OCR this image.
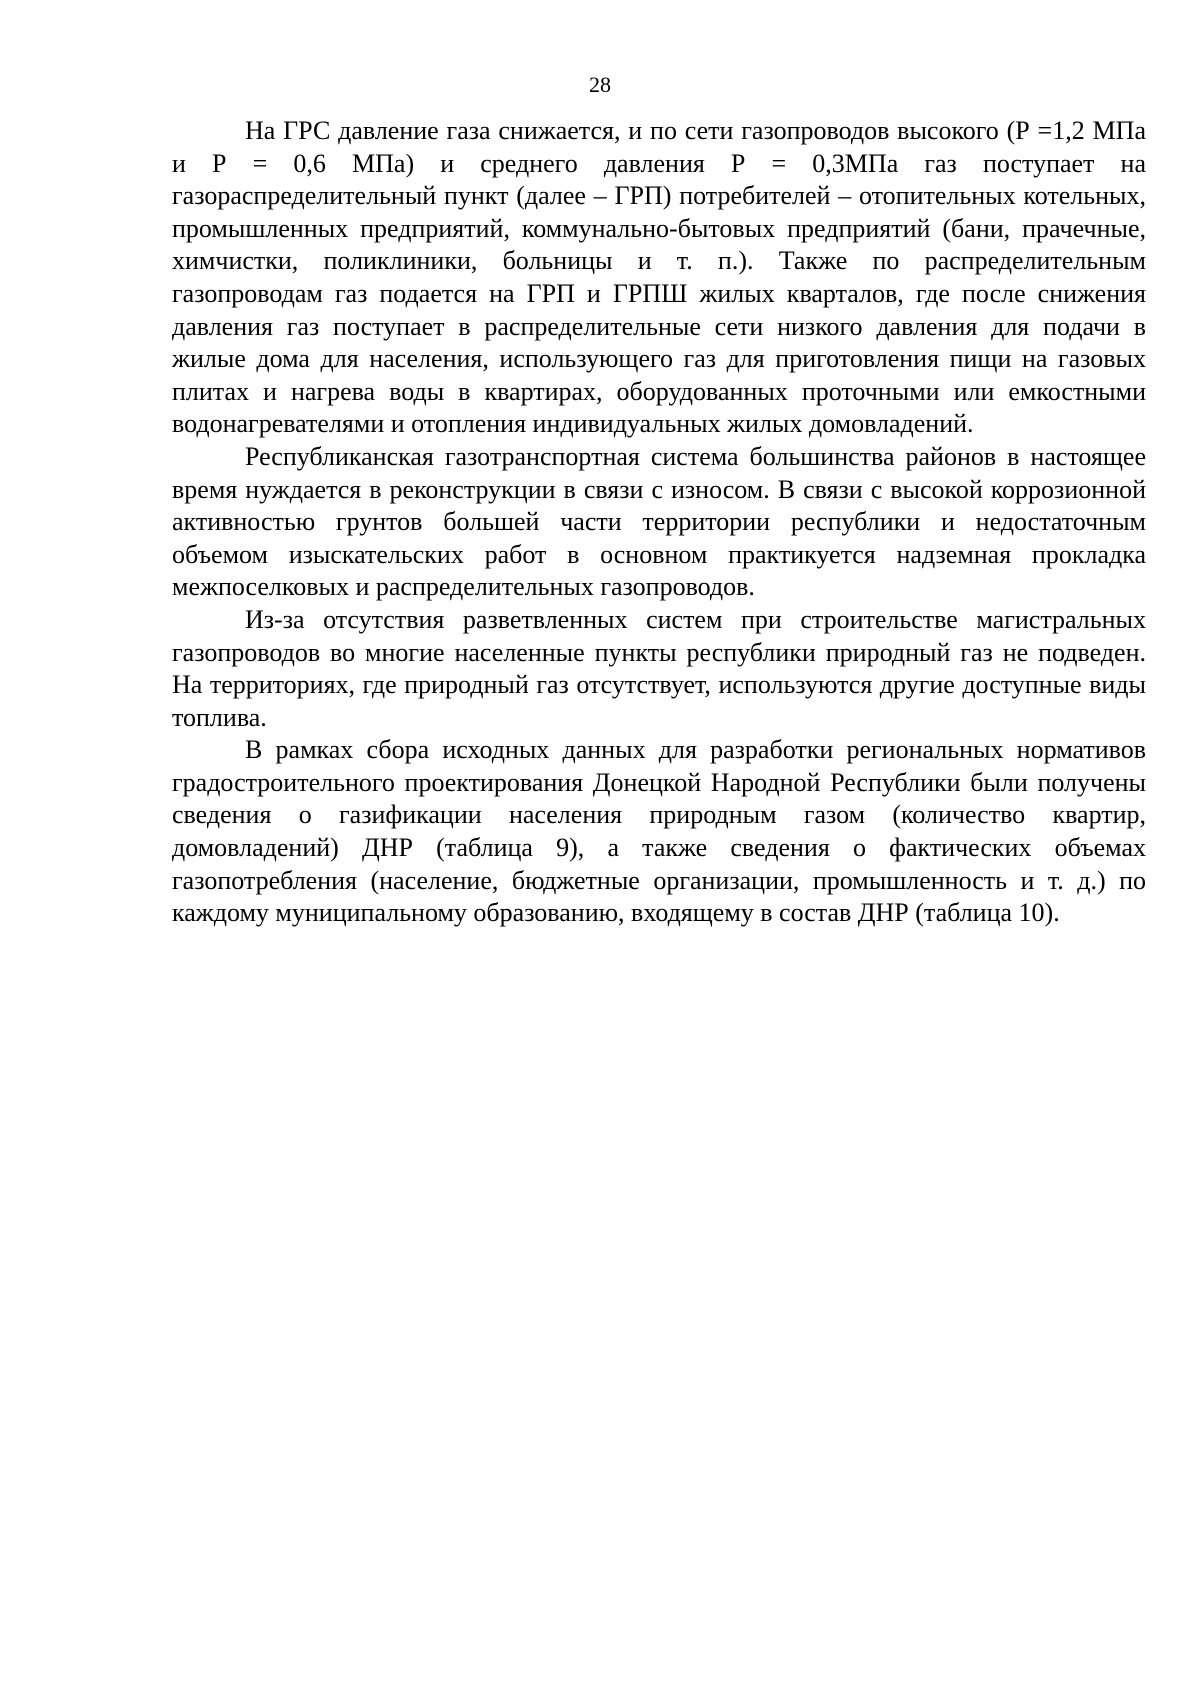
28

На ГРС давление газа снижается, и по сети газопроводов высокого (Р =1,2 МПа и Р = 0,6 МПа) и среднего давления Р = 0,3МПа газ поступает на газораспределительный пункт (далее – ГРП) потребителей – отопительных котельных, промышленных предприятий, коммунально-бытовых предприятий (бани, прачечные, химчистки, поликлиники, больницы и т. п.). Также по распределительным газопроводам газ подается на ГРП и ГРПШ жилых кварталов, где после снижения давления газ поступает в распределительные сети низкого давления для подачи в жилые дома для населения, использующего газ для приготовления пищи на газовых плитах и нагрева воды в квартирах, оборудованных проточными или емкостными водонагревателями и отопления индивидуальных жилых домовладений.

Республиканская газотранспортная система большинства районов в настоящее время нуждается в реконструкции в связи с износом. В связи с высокой коррозионной активностью грунтов большей части территории республики и недостаточным объемом изыскательских работ в основном практикуется надземная прокладка межпоселковых и распределительных газопроводов.

Из-за отсутствия разветвленных систем при строительстве магистральных газопроводов во многие населенные пункты республики природный газ не подведен. На территориях, где природный газ отсутствует, используются другие доступные виды топлива.

В рамках сбора исходных данных для разработки региональных нормативов градостроительного проектирования Донецкой Народной Республики были получены сведения о газификации населения природным газом (количество квартир, домовладений) ДНР (таблица 9), а также сведения о фактических объемах газопотребления (население, бюджетные организации, промышленность и т. д.) по каждому муниципальному образованию, входящему в состав ДНР (таблица 10).
